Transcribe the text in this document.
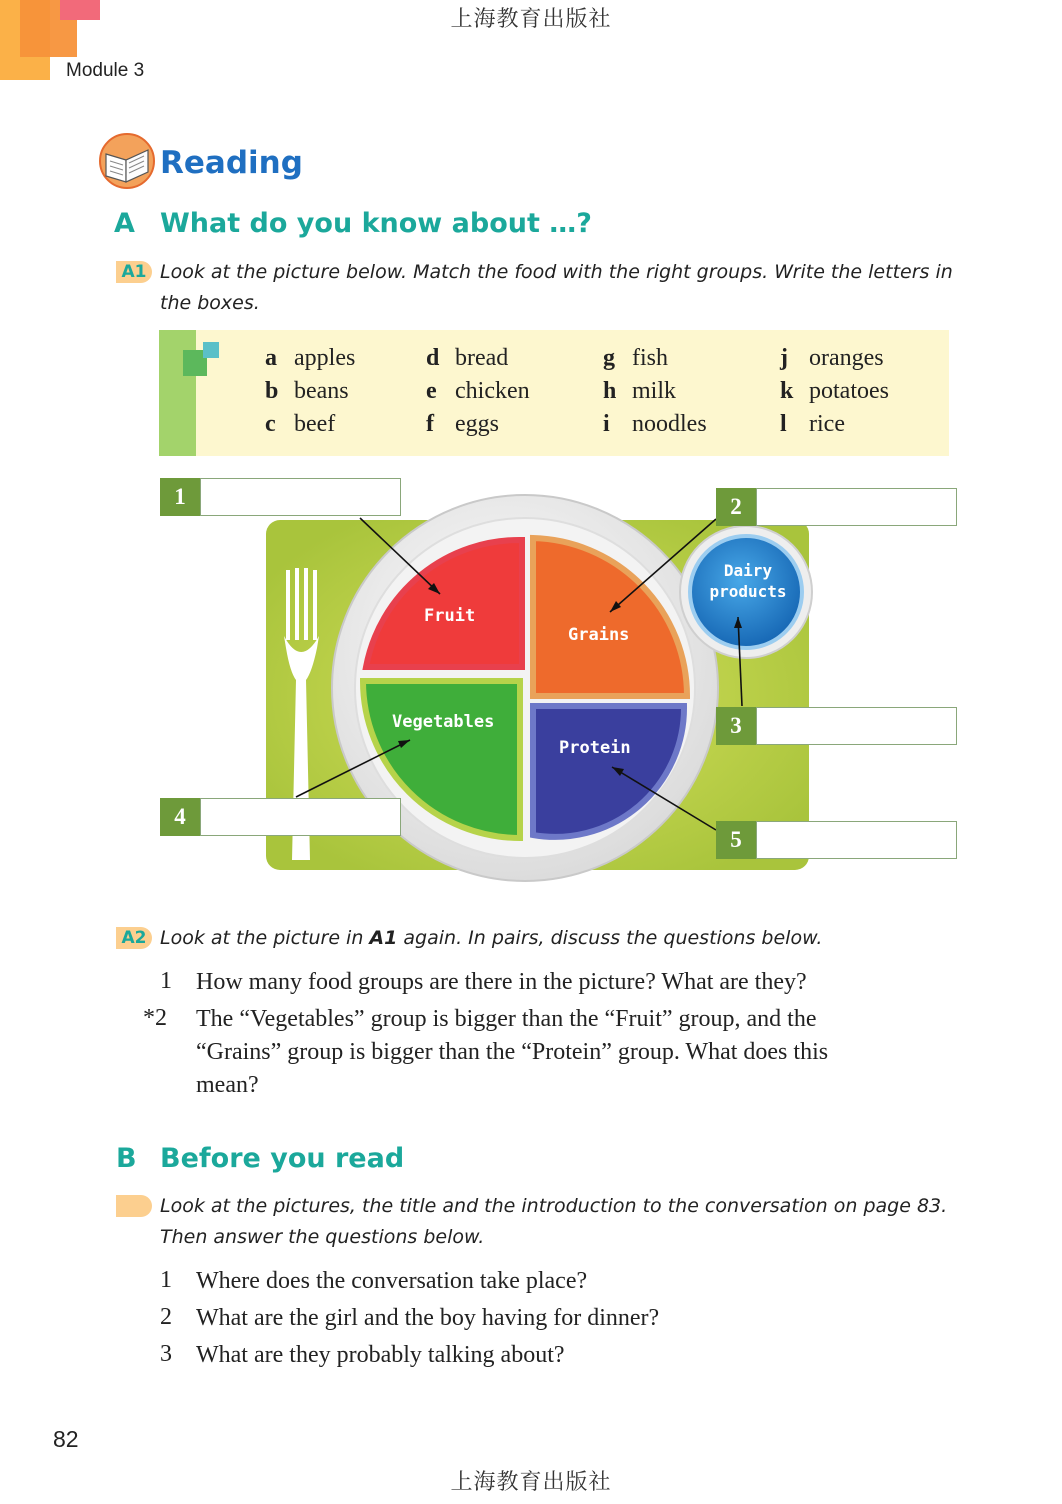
上海教育出版社
Module 3
Reading
A What do you know about …?
A1 Look at the picture below. Match the food with the right groups. Write the letters in
the boxes.
a apples
b beans
c beef
d bread
e chicken
f eggs
g fish
h milk
i noodles
j oranges
k potatoes
l rice
Fruit
Grains
Vegetables
Protein
Dairy
products
1	2
3
4
5
A2 Look at the picture in A1 again. In pairs, discuss the questions below.
1 How many food groups are there in the picture? What are they?
*2 The “Vegetables” group is bigger than the “Fruit” group, and the
“Grains” group is bigger than the “Protein” group. What does this
mean?
B Before you read
Look at the pictures, the title and the introduction to the conversation on page 83.
Then answer the questions below.
1 Where does the conversation take place?
2 What are the girl and the boy having for dinner?
3 What are they probably talking about?
82
上海教育出版社
